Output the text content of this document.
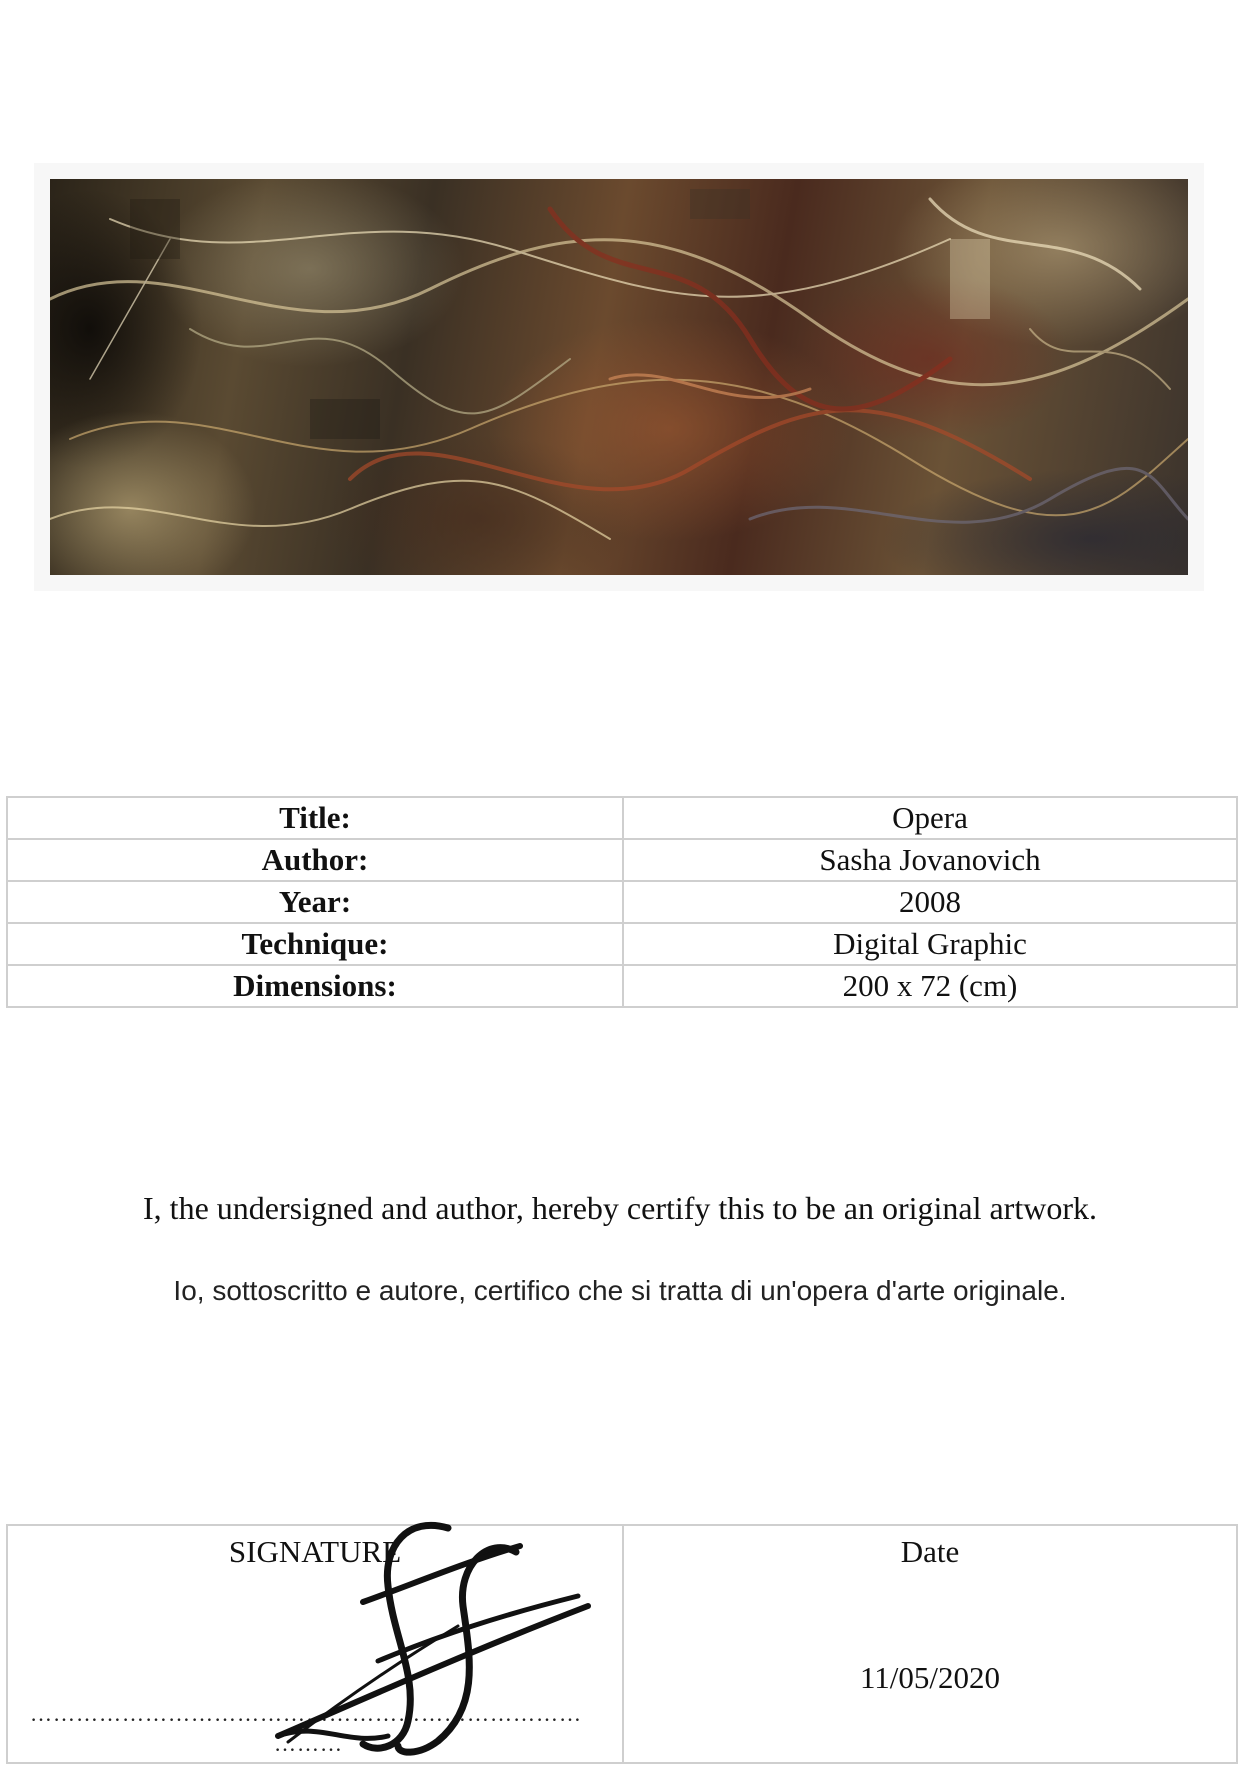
Title:	Opera
Author:	Sasha Jovanovich
Year:	2008
Technique:	Digital Graphic
Dimensions:	200 x 72 (cm)
I, the undersigned and author, hereby certify this to be an original artwork.
Io, sottoscritto e autore, certifico che si tratta di un'opera d'arte originale.
SIGNATURE
………………………………………………………………
………
Date
11/05/2020
